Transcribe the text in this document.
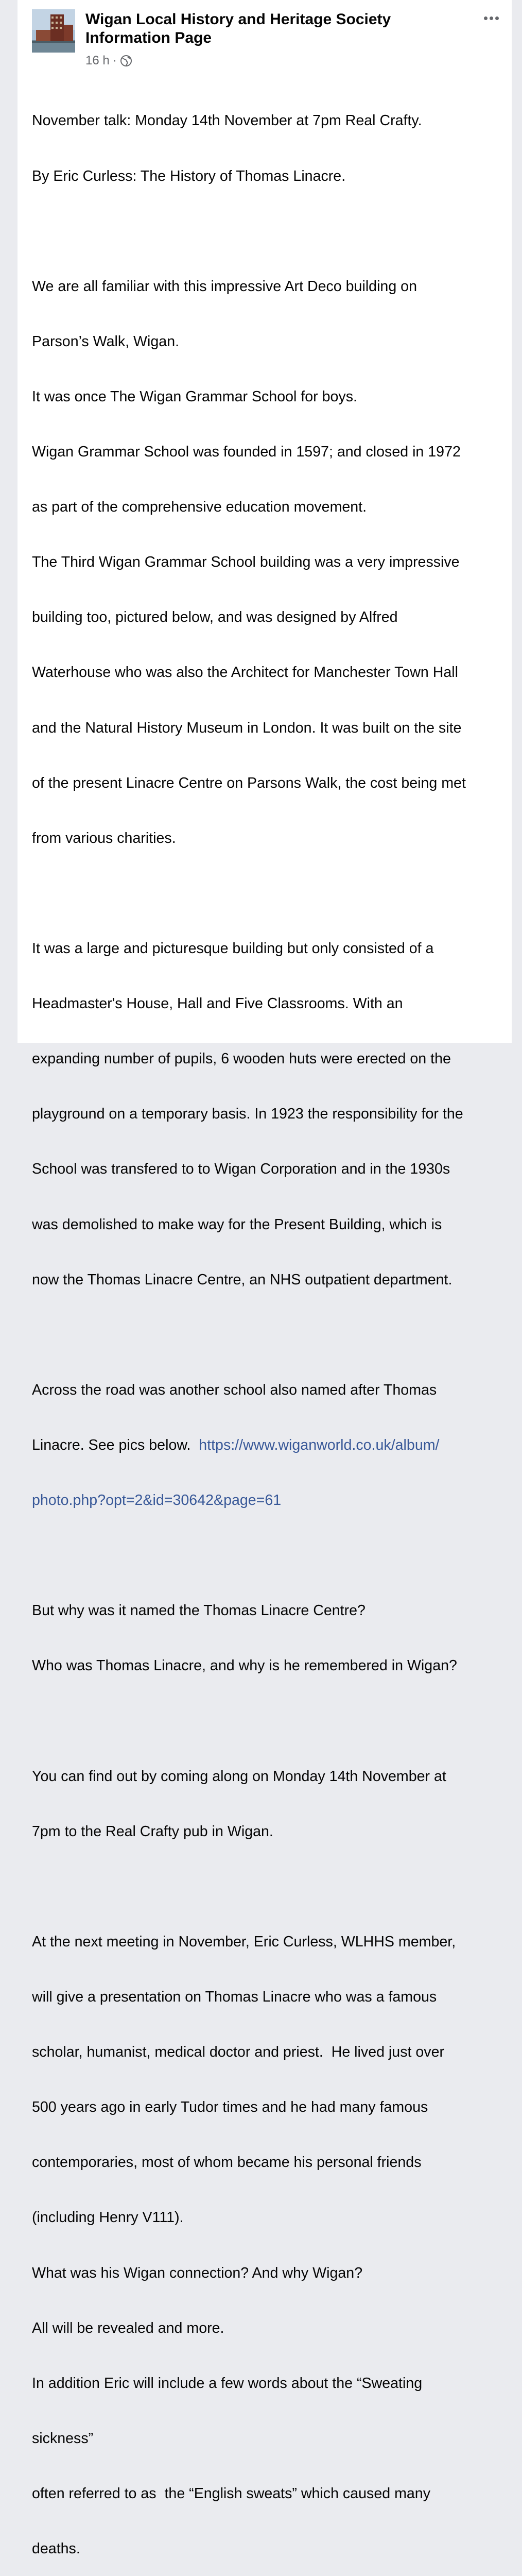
Wigan Local History and Heritage Society
Information Page
16 h ·

November talk: Monday 14th November at 7pm Real Crafty.

By Eric Curless: The History of Thomas Linacre.

We are all familiar with this impressive Art Deco building on

Parson’s Walk, Wigan.

It was once The Wigan Grammar School for boys.

Wigan Grammar School was founded in 1597; and closed in 1972

as part of the comprehensive education movement.

The Third Wigan Grammar School building was a very impressive

building too, pictured below, and was designed by Alfred

Waterhouse who was also the Architect for Manchester Town Hall

and the Natural History Museum in London. It was built on the site

of the present Linacre Centre on Parsons Walk, the cost being met

from various charities.

It was a large and picturesque building but only consisted of a

Headmaster's House, Hall and Five Classrooms. With an

expanding number of pupils, 6 wooden huts were erected on the

playground on a temporary basis. In 1923 the responsibility for the

School was transfered to to Wigan Corporation and in the 1930s

was demolished to make way for the Present Building, which is

now the Thomas Linacre Centre, an NHS outpatient department.

Across the road was another school also named after Thomas

Linacre. See pics below.  https://www.wiganworld.co.uk/album/

photo.php?opt=2&id=30642&page=61

But why was it named the Thomas Linacre Centre?

Who was Thomas Linacre, and why is he remembered in Wigan?

You can find out by coming along on Monday 14th November at

7pm to the Real Crafty pub in Wigan.

At the next meeting in November, Eric Curless, WLHHS member,

will give a presentation on Thomas Linacre who was a famous

scholar, humanist, medical doctor and priest.  He lived just over

500 years ago in early Tudor times and he had many famous

contemporaries, most of whom became his personal friends

(including Henry V111).

What was his Wigan connection? And why Wigan?

All will be revealed and more.

In addition Eric will include a few words about the “Sweating

sickness”

often referred to as  the “English sweats” which caused many

deaths.
